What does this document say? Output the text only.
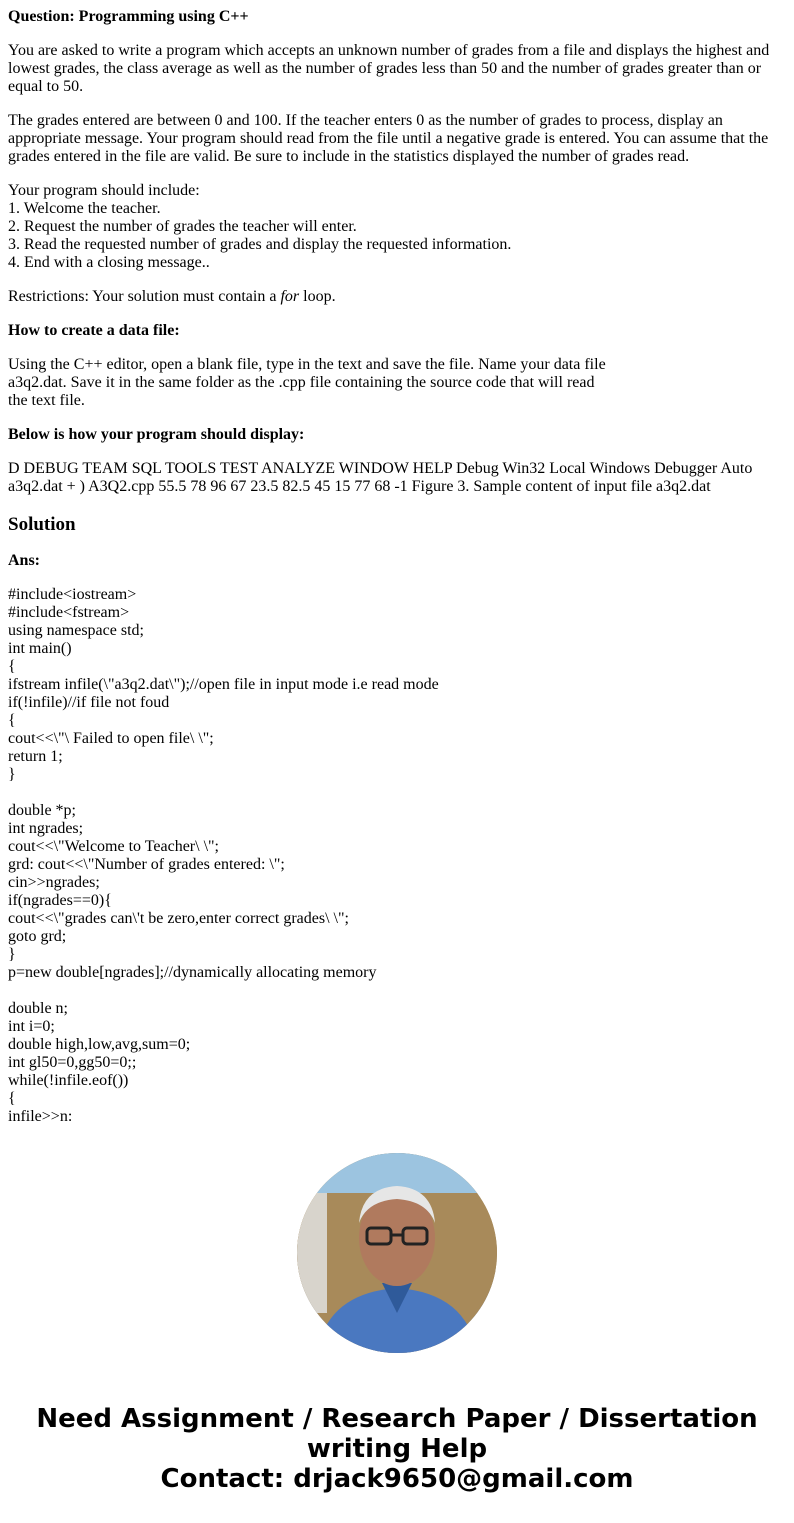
Question: Programming using C++

You are asked to write a program which accepts an unknown number of grades from a file and displays the highest and lowest grades, the class average as well as the number of grades less than 50 and the number of grades greater than or equal to 50.

The grades entered are between 0 and 100. If the teacher enters 0 as the number of grades to process, display an appropriate message. Your program should read from the file until a negative grade is entered. You can assume that the grades entered in the file are valid. Be sure to include in the statistics displayed the number of grades read.

Your program should include:
1. Welcome the teacher.
2. Request the number of grades the teacher will enter.
3. Read the requested number of grades and display the requested information.
4. End with a closing message..

Restrictions: Your solution must contain a for loop.

How to create a data file:

Using the C++ editor, open a blank file, type in the text and save the file. Name your data file
a3q2.dat. Save it in the same folder as the .cpp file containing the source code that will read
the text file.

Below is how your program should display:

D DEBUG TEAM SQL TOOLS TEST ANALYZE WINDOW HELP Debug Win32 Local Windows Debugger Auto a3q2.dat + ) A3Q2.cpp 55.5 78 96 67 23.5 82.5 45 15 77 68 -1 Figure 3. Sample content of input file a3q2.dat

Solution

Ans:

#include<iostream>
#include<fstream>
using namespace std;
int main()
{
ifstream infile(\"a3q2.dat\");//open file in input mode i.e read mode
if(!infile)//if file not foud
{
cout<<\"\ Failed to open file\ \";
return 1;
}
double *p;
int ngrades;
cout<<\"Welcome to Teacher\ \";
grd: cout<<\"Number of grades entered: \";
cin>>ngrades;
if(ngrades==0){
cout<<\"grades can\'t be zero,enter correct grades\ \";
goto grd;
}
p=new double[ngrades];//dynamically allocating memory
double n;
int i=0;
double high,low,avg,sum=0;
int gl50=0,gg50=0;;
while(!infile.eof())
{
infile>>n:
Need Assignment / Research Paper / Dissertation
writing Help
Contact: drjack9650@gmail.com
